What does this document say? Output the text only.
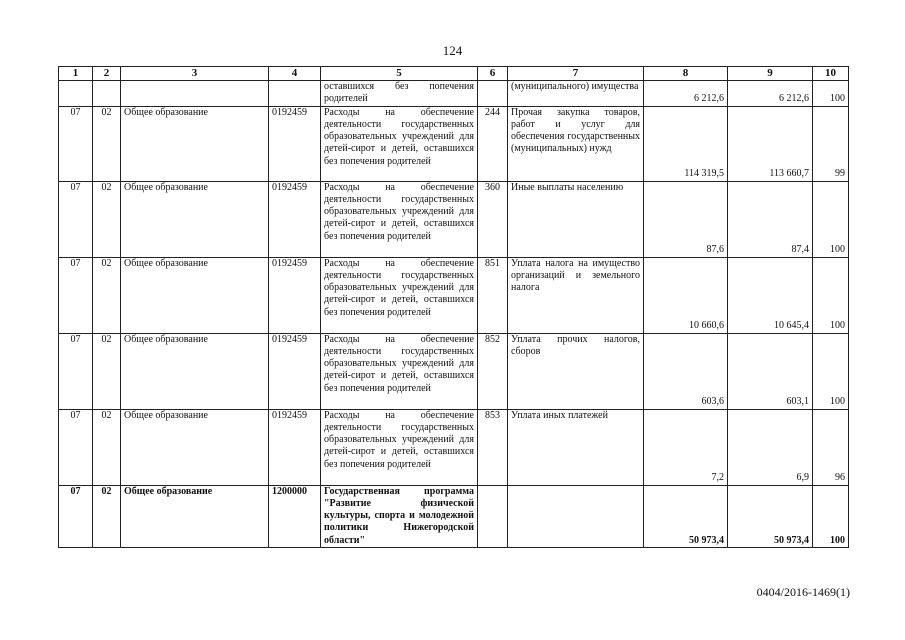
124
1	2	3	4	5	6	7	8	9	10
				оставшихся без попечения родителей		(муниципального) имущества	6 212,6	6 212,6	100
07	02	Общее образование	0192459	Расходы на обеспечение деятельности государственных образовательных учреждений для детей-сирот и детей, оставшихся без попечения родителей	244	Прочая закупка товаров, работ и услуг для обеспечения государственных (муниципальных) нужд	114 319,5	113 660,7	99
07	02	Общее образование	0192459	Расходы на обеспечение деятельности государственных образовательных учреждений для детей-сирот и детей, оставшихся без попечения родителей	360	Иные выплаты населению	87,6	87,4	100
07	02	Общее образование	0192459	Расходы на обеспечение деятельности государственных образовательных учреждений для детей-сирот и детей, оставшихся без попечения родителей	851	Уплата налога на имущество организаций и земельного налога	10 660,6	10 645,4	100
07	02	Общее образование	0192459	Расходы на обеспечение деятельности государственных образовательных учреждений для детей-сирот и детей, оставшихся без попечения родителей	852	Уплата прочих налогов, сборов	603,6	603,1	100
07	02	Общее образование	0192459	Расходы на обеспечение деятельности государственных образовательных учреждений для детей-сирот и детей, оставшихся без попечения родителей	853	Уплата иных платежей	7,2	6,9	96
07	02	Общее образование	1200000	Государственная программа "Развитие физической культуры, спорта и молодежной политики Нижегородской области"			50 973,4	50 973,4	100
0404/2016-1469(1)
